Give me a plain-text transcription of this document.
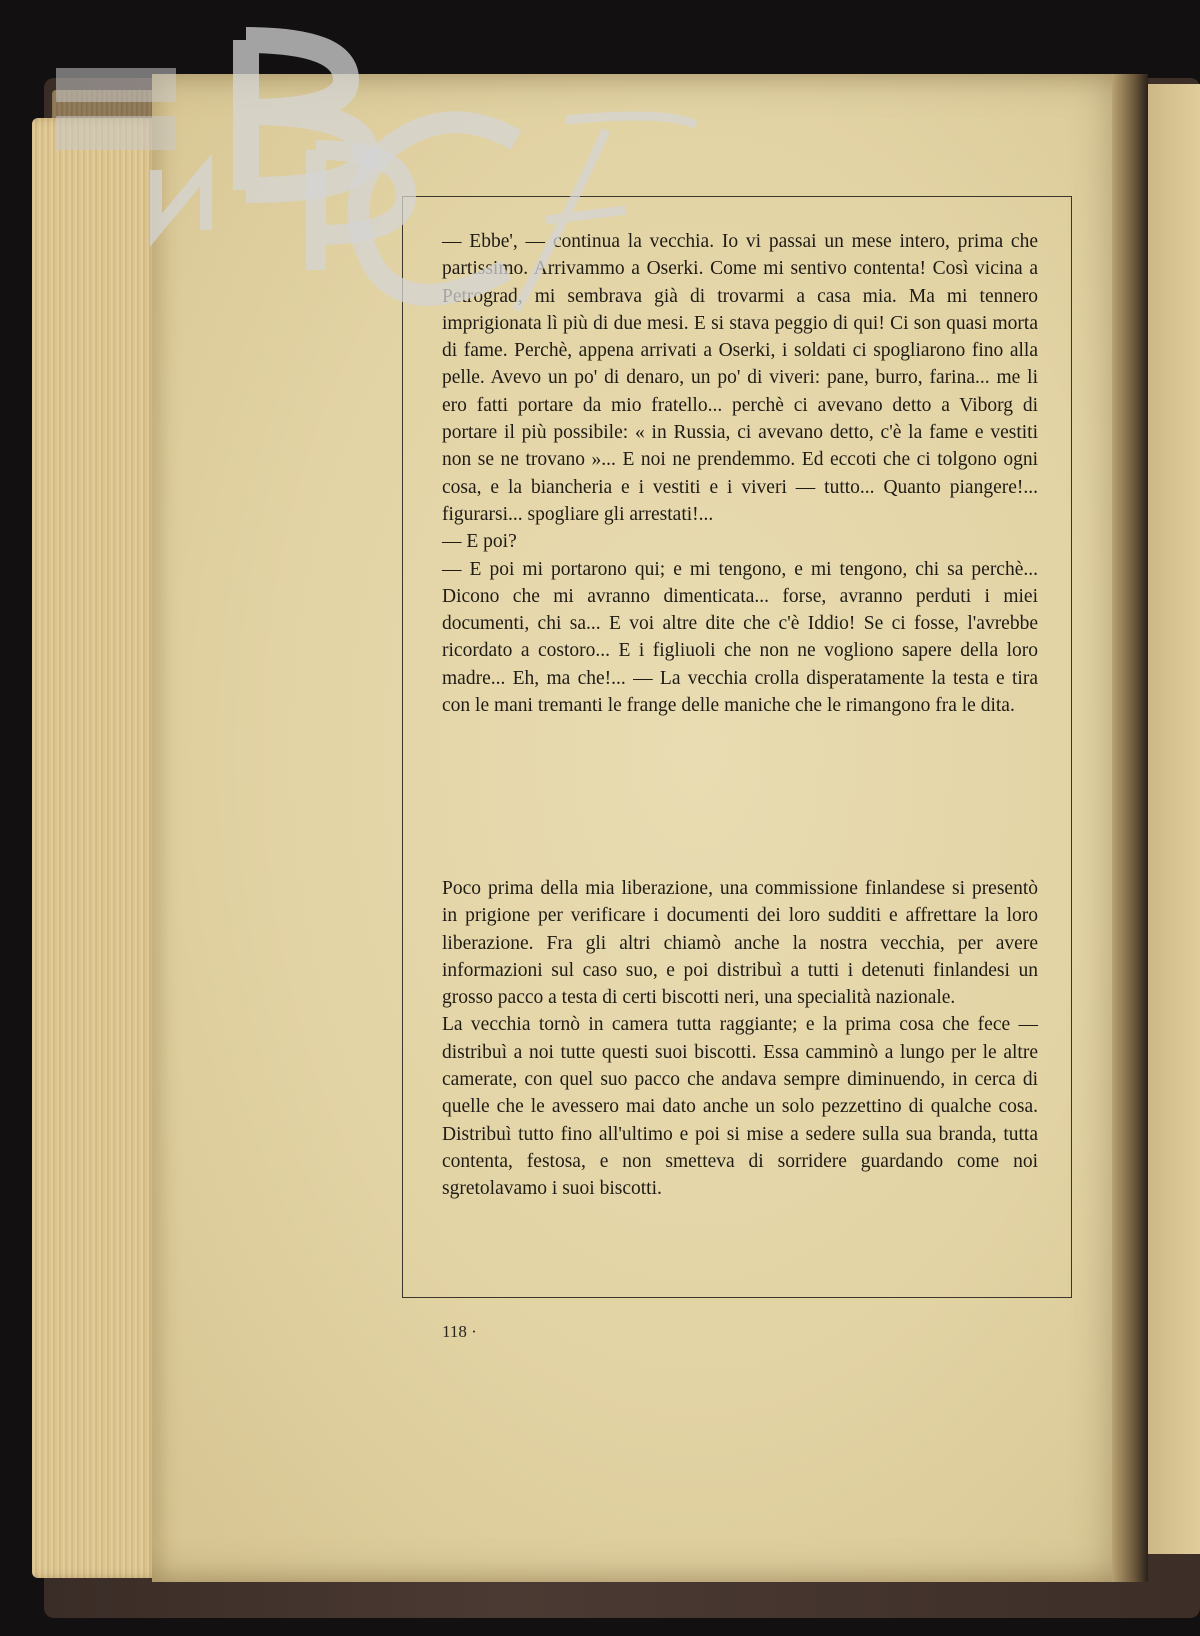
— Ebbe', — continua la vecchia. Io vi passai un mese intero, prima che partissimo. Arrivammo a Oserki. Come mi sentivo contenta! Così vicina a Petrograd, mi sembrava già di trovarmi a casa mia. Ma mi tennero imprigionata lì più di due mesi. E si stava peggio di qui! Ci son quasi morta di fame. Perchè, appena arrivati a Oserki, i soldati ci spogliarono fino alla pelle. Avevo un po' di denaro, un po' di viveri: pane, burro, farina... me li ero fatti portare da mio fratello... perchè ci avevano detto a Viborg di portare il più possibile: « in Russia, ci avevano detto, c'è la fame e vestiti non se ne trovano »... E noi ne prendemmo. Ed eccoti che ci tolgono ogni cosa, e la biancheria e i vestiti e i viveri — tutto... Quanto piangere!... figurarsi... spogliare gli arrestati!...

— E poi?

— E poi mi portarono qui; e mi tengono, e mi tengono, chi sa perchè... Dicono che mi avranno dimenticata... forse, avranno perduti i miei documenti, chi sa... E voi altre dite che c'è Iddio! Se ci fosse, l'avrebbe ricordato a costoro... E i figliuoli che non ne vogliono sapere della loro madre... Eh, ma che!... — La vecchia crolla disperatamente la testa e tira con le mani tremanti le frange delle maniche che le rimangono fra le dita.

Poco prima della mia liberazione, una commissione finlandese si presentò in prigione per verificare i documenti dei loro sudditi e affrettare la loro liberazione. Fra gli altri chiamò anche la nostra vecchia, per avere informazioni sul caso suo, e poi distribuì a tutti i detenuti finlandesi un grosso pacco a testa di certi biscotti neri, una specialità nazionale.

La vecchia tornò in camera tutta raggiante; e la prima cosa che fece — distribuì a noi tutte questi suoi biscotti. Essa camminò a lungo per le altre camerate, con quel suo pacco che andava sempre diminuendo, in cerca di quelle che le avessero mai dato anche un solo pezzettino di qualche cosa. Distribuì tutto fino all'ultimo e poi si mise a sedere sulla sua branda, tutta contenta, festosa, e non smetteva di sorridere guardando come noi sgretolavamo i suoi biscotti.

118 ·
